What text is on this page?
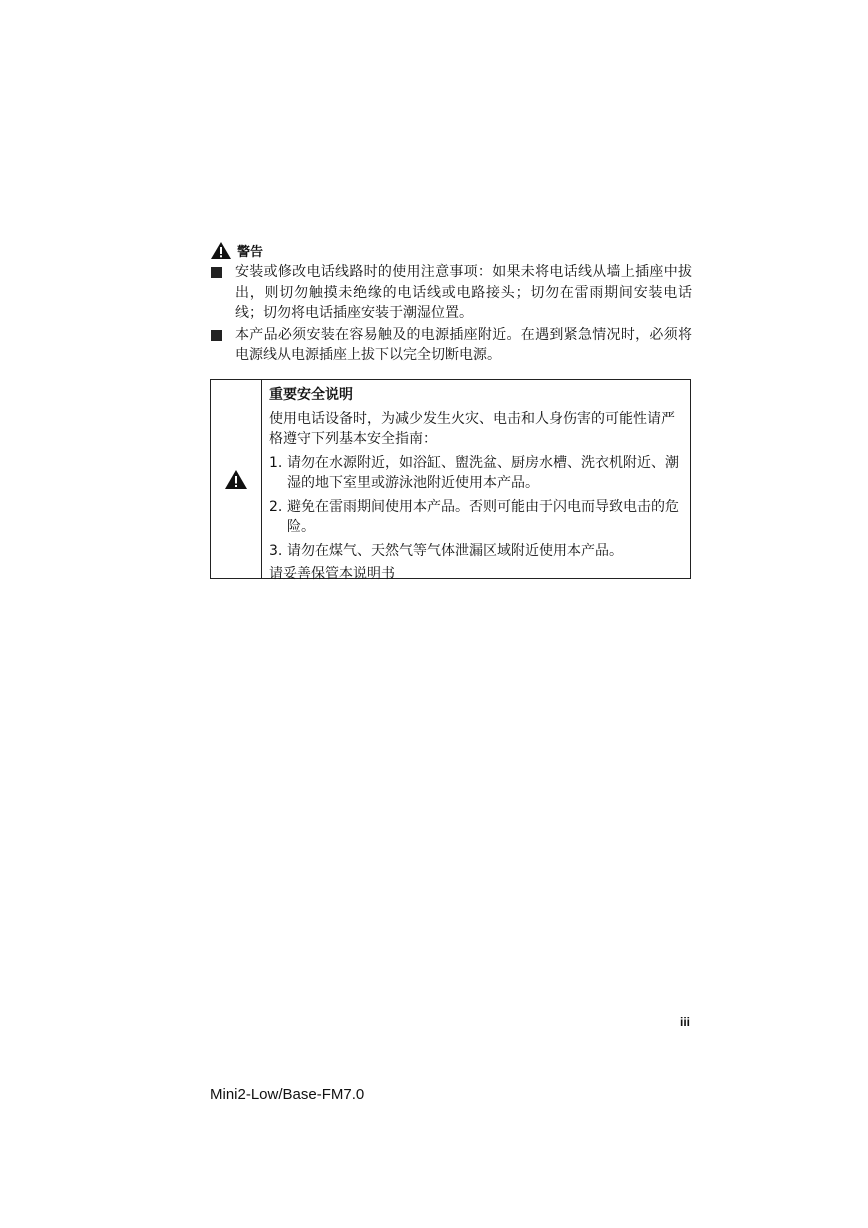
警告
安装或修改电话线路时的使用注意事项：如果未将电话线从墙上插座中拔出，则切勿触摸未绝缘的电话线或电路接头；切勿在雷雨期间安装电话线；切勿将电话插座安装于潮湿位置。
本产品必须安装在容易触及的电源插座附近。在遇到紧急情况时，必须将电源线从电源插座上拔下以完全切断电源。
重要安全说明
使用电话设备时，为减少发生火灾、电击和人身伤害的可能性请严格遵守下列基本安全指南：
1. 请勿在水源附近，如浴缸、盥洗盆、厨房水槽、洗衣机附近、潮湿的地下室里或游泳池附近使用本产品。
2. 避免在雷雨期间使用本产品。否则可能由于闪电而导致电击的危险。
3. 请勿在煤气、天然气等气体泄漏区域附近使用本产品。
请妥善保管本说明书
iii
Mini2-Low/Base-FM7.0
